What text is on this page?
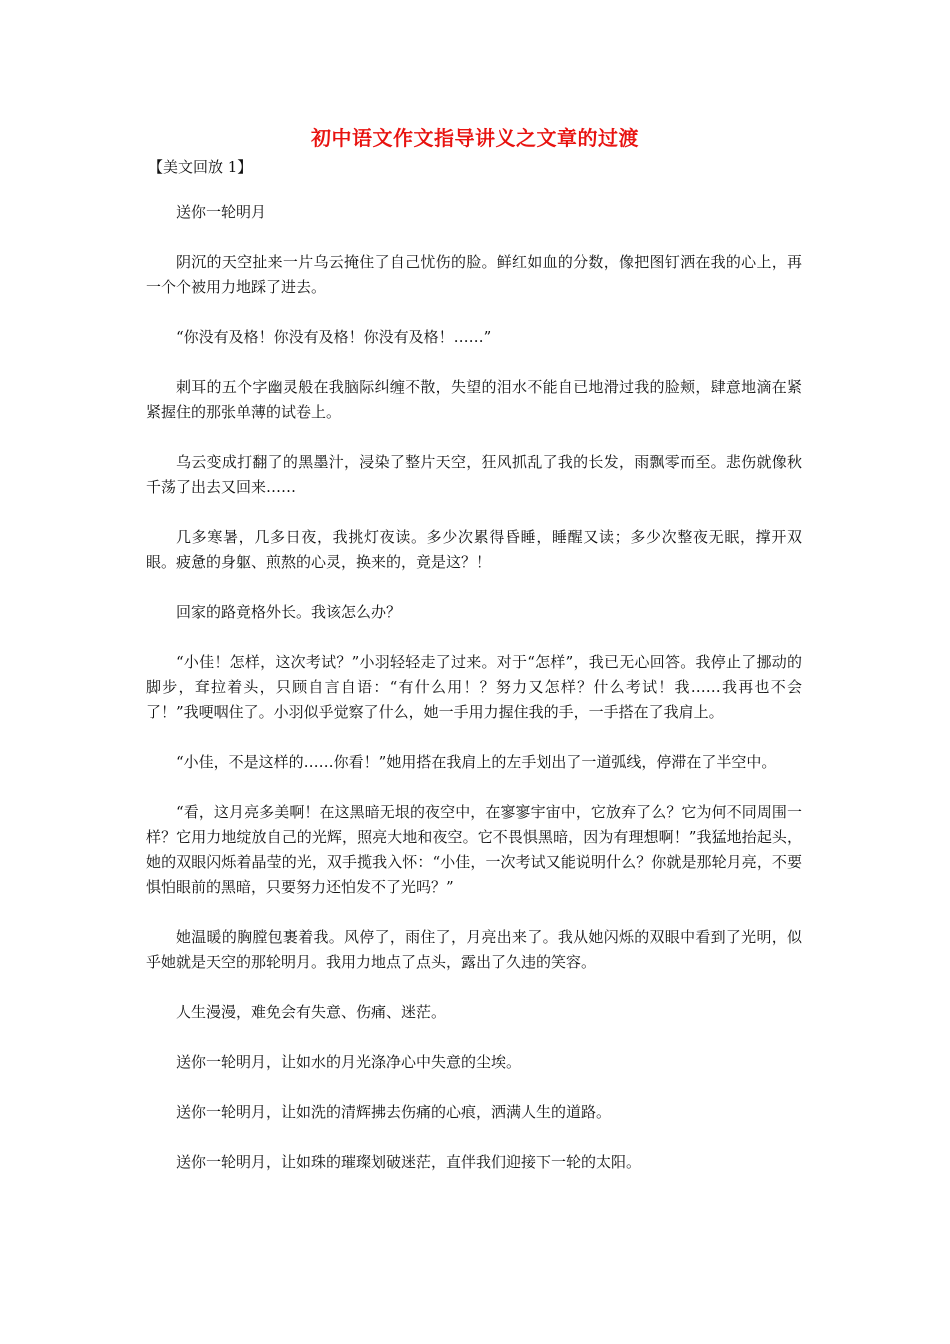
初中语文作文指导讲义之文章的过渡
【美文回放 1】

送你一轮明月

阴沉的天空扯来一片乌云掩住了自己忧伤的脸。鲜红如血的分数，像把图钉洒在我的心上，再一个个被用力地踩了进去。

“你没有及格！你没有及格！你没有及格！……”

刺耳的五个字幽灵般在我脑际纠缠不散，失望的泪水不能自已地滑过我的脸颊，肆意地滴在紧紧握住的那张单薄的试卷上。

乌云变成打翻了的黑墨汁，浸染了整片天空，狂风抓乱了我的长发，雨飘零而至。悲伤就像秋千荡了出去又回来……

几多寒暑，几多日夜，我挑灯夜读。多少次累得昏睡，睡醒又读；多少次整夜无眠，撑开双眼。疲惫的身躯、煎熬的心灵，换来的，竟是这？！

回家的路竟格外长。我该怎么办？

“小佳！怎样，这次考试？”小羽轻轻走了过来。对于“怎样”，我已无心回答。我停止了挪动的脚步，耷拉着头，只顾自言自语：“有什么用！？努力又怎样？什么考试！我……我再也不会了！”我哽咽住了。小羽似乎觉察了什么，她一手用力握住我的手，一手搭在了我肩上。

“小佳，不是这样的……你看！”她用搭在我肩上的左手划出了一道弧线，停滞在了半空中。

“看，这月亮多美啊！在这黑暗无垠的夜空中，在寥寥宇宙中，它放弃了么？它为何不同周围一样？它用力地绽放自己的光辉，照亮大地和夜空。它不畏惧黑暗，因为有理想啊！”我猛地抬起头，她的双眼闪烁着晶莹的光，双手揽我入怀：“小佳，一次考试又能说明什么？你就是那轮月亮，不要惧怕眼前的黑暗，只要努力还怕发不了光吗？”

她温暖的胸膛包裹着我。风停了，雨住了，月亮出来了。我从她闪烁的双眼中看到了光明，似乎她就是天空的那轮明月。我用力地点了点头，露出了久违的笑容。

人生漫漫，难免会有失意、伤痛、迷茫。

送你一轮明月，让如水的月光涤净心中失意的尘埃。

送你一轮明月，让如洗的清辉拂去伤痛的心痕，洒满人生的道路。

送你一轮明月，让如珠的璀璨划破迷茫，直伴我们迎接下一轮的太阳。
